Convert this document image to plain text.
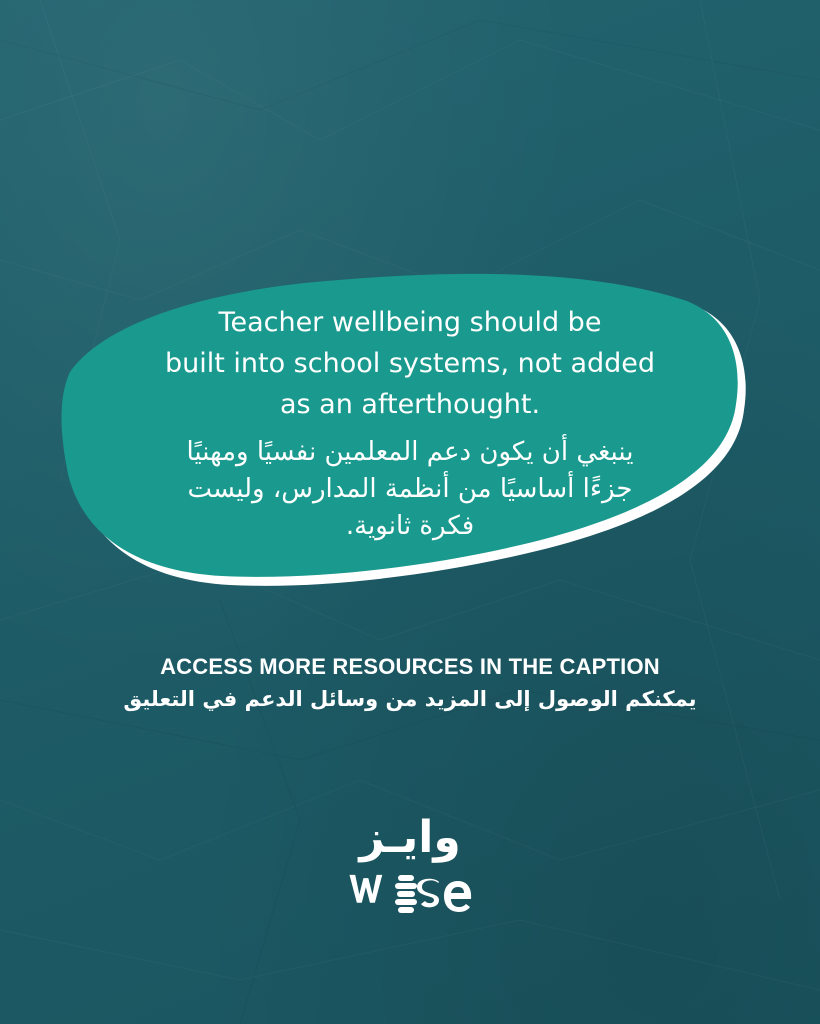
Teacher wellbeing should be
built into school systems, not added
as an afterthought.

ينبغي أن يكون دعم المعلمين نفسيًا ومهنيًا
جزءًا أساسيًا من أنظمة المدارس، وليست
فكرة ثانوية.

ACCESS MORE RESOURCES IN THE CAPTION

يمكنكم الوصول إلى المزيد من وسائل الدعم في التعليق

وايـز
